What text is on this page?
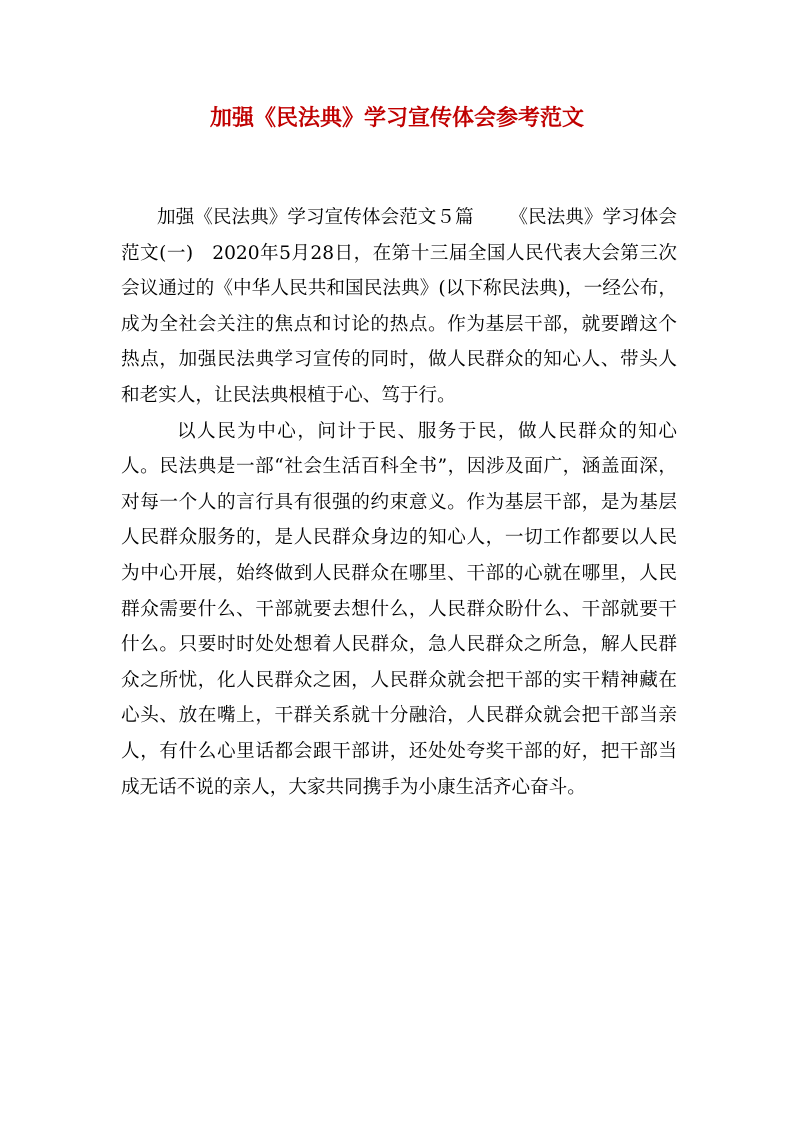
加强《民法典》学习宣传体会参考范文

加强《民法典》学习宣传体会范文５篇 《民法典》学习体会范文(一) 2020年5月28日，在第十三届全国人民代表大会第三次会议通过的《中华人民共和国民法典》(以下称民法典)，一经公布，成为全社会关注的焦点和讨论的热点。作为基层干部，就要蹭这个热点，加强民法典学习宣传的同时，做人民群众的知心人、带头人和老实人，让民法典根植于心、笃于行。

以人民为中心，问计于民、服务于民，做人民群众的知心人。民法典是一部“社会生活百科全书”，因涉及面广，涵盖面深，对每一个人的言行具有很强的约束意义。作为基层干部，是为基层人民群众服务的，是人民群众身边的知心人，一切工作都要以人民为中心开展，始终做到人民群众在哪里、干部的心就在哪里，人民群众需要什么、干部就要去想什么，人民群众盼什么、干部就要干什么。只要时时处处想着人民群众，急人民群众之所急，解人民群众之所忧，化人民群众之困，人民群众就会把干部的实干精神藏在心头、放在嘴上，干群关系就十分融洽，人民群众就会把干部当亲人，有什么心里话都会跟干部讲，还处处夸奖干部的好，把干部当成无话不说的亲人，大家共同携手为小康生活齐心奋斗。
